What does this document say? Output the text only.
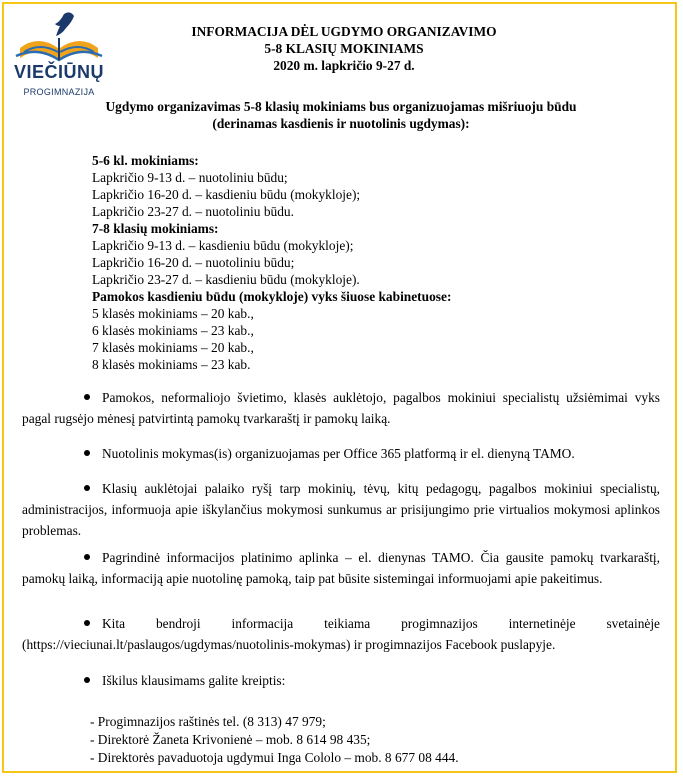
VIEČIŪNŲ
PROGIMNAZIJA
INFORMACIJA DĖL UGDYMO ORGANIZAVIMO
5-8 KLASIŲ MOKINIAMS
2020 m. lapkričio 9-27 d.
Ugdymo organizavimas 5-8 klasių mokiniams bus organizuojamas mišriuoju būdu
(derinamas kasdienis ir nuotolinis ugdymas):
5-6 kl. mokiniams:
Lapkričio 9-13 d. – nuotoliniu būdu;
Lapkričio 16-20 d. – kasdieniu būdu (mokykloje);
Lapkričio 23-27 d. – nuotoliniu būdu.
7-8 klasių mokiniams:
Lapkričio 9-13 d. – kasdieniu būdu (mokykloje);
Lapkričio 16-20 d. – nuotoliniu būdu;
Lapkričio 23-27 d. – kasdieniu būdu (mokykloje).
Pamokos kasdieniu būdu (mokykloje) vyks šiuose kabinetuose:
5 klasės mokiniams – 20 kab.,
6 klasės mokiniams – 23 kab.,
7 klasės mokiniams – 20 kab.,
8 klasės mokiniams – 23 kab.
Pamokos, neformaliojo švietimo, klasės auklėtojo, pagalbos mokiniui specialistų užsiėmimai vyks pagal rugsėjo mėnesį patvirtintą pamokų tvarkaraštį ir pamokų laiką.
Nuotolinis mokymas(is) organizuojamas per Office 365 platformą ir el. dienyną TAMO.
Klasių auklėtojai palaiko ryšį tarp mokinių, tėvų, kitų pedagogų, pagalbos mokiniui specialistų, administracijos, informuoja apie iškylančius mokymosi sunkumus ar prisijungimo prie virtualios mokymosi aplinkos problemas.
Pagrindinė informacijos platinimo aplinka – el. dienynas TAMO. Čia gausite pamokų tvarkaraštį, pamokų laiką, informaciją apie nuotolinę pamoką, taip pat būsite sistemingai informuojami apie pakeitimus.
Kita bendroji informacija teikiama progimnazijos internetinėje svetainėje (https://vieciunai.lt/paslaugos/ugdymas/nuotolinis-mokymas) ir progimnazijos Facebook puslapyje.
Iškilus klausimams galite kreiptis:
- Progimnazijos raštinės tel. (8 313) 47 979;
- Direktorė Žaneta Krivonienė – mob. 8 614 98 435;
- Direktorės pavaduotoja ugdymui Inga Cololo – mob. 8 677 08 444.
